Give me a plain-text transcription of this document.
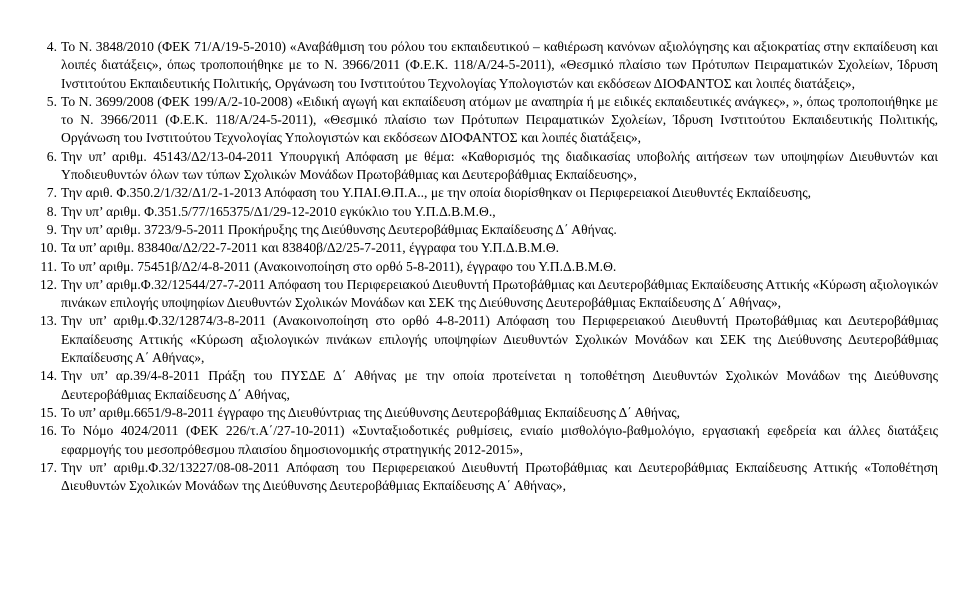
4. Το Ν. 3848/2010 (ΦΕΚ 71/Α/19-5-2010) «Αναβάθμιση του ρόλου του εκπαιδευτικού – καθιέρωση κανόνων αξιολόγησης και αξιοκρατίας στην εκπαίδευση και λοιπές διατάξεις», όπως τροποποιήθηκε με το Ν. 3966/2011 (Φ.Ε.Κ. 118/Α/24-5-2011), «Θεσμικό πλαίσιο των Πρότυπων Πειραματικών Σχολείων, Ίδρυση Ινστιτούτου Εκπαιδευτικής Πολιτικής, Οργάνωση του Ινστιτούτου Τεχνολογίας Υπολογιστών και εκδόσεων ΔΙΟΦΑΝΤΟΣ και λοιπές διατάξεις»,
5. Το Ν. 3699/2008 (ΦΕΚ 199/Α/2-10-2008) «Ειδική αγωγή και εκπαίδευση ατόμων με αναπηρία ή με ειδικές εκπαιδευτικές ανάγκες», », όπως τροποποιήθηκε με το Ν. 3966/2011 (Φ.Ε.Κ. 118/Α/24-5-2011), «Θεσμικό πλαίσιο των Πρότυπων Πειραματικών Σχολείων, Ίδρυση Ινστιτούτου Εκπαιδευτικής Πολιτικής, Οργάνωση του Ινστιτούτου Τεχνολογίας Υπολογιστών και εκδόσεων ΔΙΟΦΑΝΤΟΣ και λοιπές διατάξεις»,
6. Την υπ’ αριθμ. 45143/Δ2/13-04-2011 Υπουργική Απόφαση με θέμα: «Καθορισμός της διαδικασίας υποβολής αιτήσεων των υποψηφίων Διευθυντών και Υποδιευθυντών όλων των τύπων Σχολικών Μονάδων Πρωτοβάθμιας και Δευτεροβάθμιας Εκπαίδευσης»,
7. Την αριθ. Φ.350.2/1/32/Δ1/2-1-2013 Απόφαση του Υ.ΠΑΙ.Θ.Π.Α.., με την οποία διορίσθηκαν οι Περιφερειακοί Διευθυντές Εκπαίδευσης,
8. Την υπ’ αριθμ. Φ.351.5/77/165375/Δ1/29-12-2010 εγκύκλιο του Υ.Π.Δ.Β.Μ.Θ.,
9. Την υπ’ αριθμ. 3723/9-5-2011 Προκήρυξης της Διεύθυνσης Δευτεροβάθμιας Εκπαίδευσης Δ΄ Αθήνας.
10. Τα υπ’ αριθμ. 83840α/Δ2/22-7-2011 και 83840β/Δ2/25-7-2011, έγγραφα του Υ.Π.Δ.Β.Μ.Θ.
11. Το υπ’ αριθμ. 75451β/Δ2/4-8-2011 (Ανακοινοποίηση στο ορθό 5-8-2011), έγγραφο του Υ.Π.Δ.Β.Μ.Θ.
12. Την υπ’ αριθμ.Φ.32/12544/27-7-2011 Απόφαση του Περιφερειακού Διευθυντή Πρωτοβάθμιας και Δευτεροβάθμιας Εκπαίδευσης Αττικής «Κύρωση αξιολογικών πινάκων επιλογής υποψηφίων Διευθυντών Σχολικών Μονάδων και ΣΕΚ της Διεύθυνσης Δευτεροβάθμιας Εκπαίδευσης Δ΄ Αθήνας»,
13. Την υπ’ αριθμ.Φ.32/12874/3-8-2011 (Ανακοινοποίηση στο ορθό 4-8-2011) Απόφαση του Περιφερειακού Διευθυντή Πρωτοβάθμιας και Δευτεροβάθμιας Εκπαίδευσης Αττικής «Κύρωση αξιολογικών πινάκων επιλογής υποψηφίων Διευθυντών Σχολικών Μονάδων και ΣΕΚ της Διεύθυνσης Δευτεροβάθμιας Εκπαίδευσης Α΄ Αθήνας»,
14. Την υπ’ αρ.39/4-8-2011 Πράξη του ΠΥΣΔΕ Δ΄ Αθήνας με την οποία προτείνεται η τοποθέτηση Διευθυντών Σχολικών Μονάδων της Διεύθυνσης Δευτεροβάθμιας Εκπαίδευσης Δ΄ Αθήνας,
15. Το υπ’ αριθμ.6651/9-8-2011 έγγραφο της Διευθύντριας της Διεύθυνσης Δευτεροβάθμιας Εκπαίδευσης Δ΄ Αθήνας,
16. Το Νόμο 4024/2011 (ΦΕΚ 226/τ.Α΄/27-10-2011) «Συνταξιοδοτικές ρυθμίσεις, ενιαίο μισθολόγιο-βαθμολόγιο, εργασιακή εφεδρεία και άλλες διατάξεις εφαρμογής του μεσοπρόθεσμου πλαισίου δημοσιονομικής στρατηγικής 2012-2015»,
17. Την υπ’ αριθμ.Φ.32/13227/08-08-2011 Απόφαση του Περιφερειακού Διευθυντή Πρωτοβάθμιας και Δευτεροβάθμιας Εκπαίδευσης Αττικής «Τοποθέτηση Διευθυντών Σχολικών Μονάδων της Διεύθυνσης Δευτεροβάθμιας Εκπαίδευσης Α΄ Αθήνας»,
